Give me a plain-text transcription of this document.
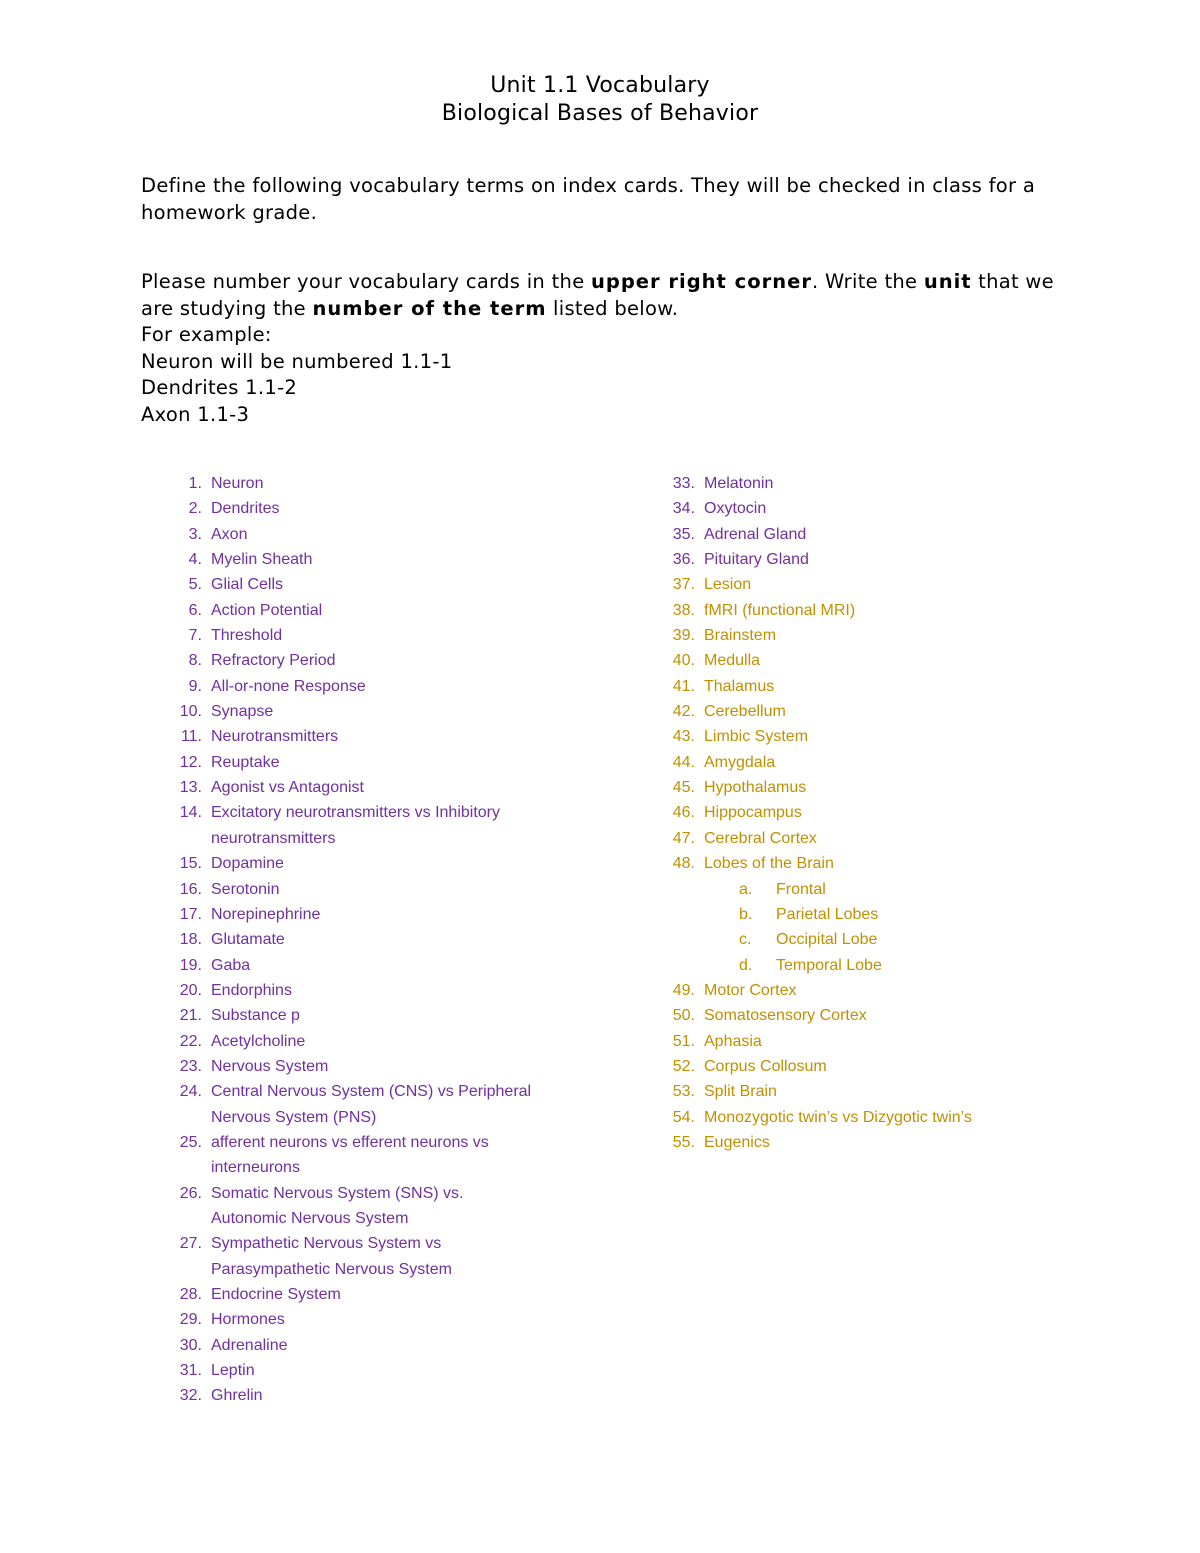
Unit 1.1 Vocabulary
Biological Bases of Behavior
Define the following vocabulary terms on index cards. They will be checked in class for a homework grade.
Please number your vocabulary cards in the upper right corner. Write the unit that we are studying the number of the term listed below.
For example:
Neuron will be numbered 1.1-1
Dendrites 1.1-2
Axon 1.1-3
1. Neuron
2. Dendrites
3. Axon
4. Myelin Sheath
5. Glial Cells
6. Action Potential
7. Threshold
8. Refractory Period
9. All-or-none Response
10. Synapse
11. Neurotransmitters
12. Reuptake
13. Agonist vs Antagonist
14. Excitatory neurotransmitters vs Inhibitory
neurotransmitters
15. Dopamine
16. Serotonin
17. Norepinephrine
18. Glutamate
19. Gaba
20. Endorphins
21. Substance p
22. Acetylcholine
23. Nervous System
24. Central Nervous System (CNS) vs Peripheral
Nervous System (PNS)
25. afferent neurons vs efferent neurons vs
interneurons
26. Somatic Nervous System (SNS) vs.
Autonomic Nervous System
27. Sympathetic Nervous System vs
Parasympathetic Nervous System
28. Endocrine System
29. Hormones
30. Adrenaline
31. Leptin
32. Ghrelin
33. Melatonin
34. Oxytocin
35. Adrenal Gland
36. Pituitary Gland
37. Lesion
38. fMRI (functional MRI)
39. Brainstem
40. Medulla
41. Thalamus
42. Cerebellum
43. Limbic System
44. Amygdala
45. Hypothalamus
46. Hippocampus
47. Cerebral Cortex
48. Lobes of the Brain
a.	Frontal
b.	Parietal Lobes
c.	Occipital Lobe
d.	Temporal Lobe
49. Motor Cortex
50. Somatosensory Cortex
51. Aphasia
52. Corpus Collosum
53. Split Brain
54. Monozygotic twin’s vs Dizygotic twin’s
55. Eugenics
